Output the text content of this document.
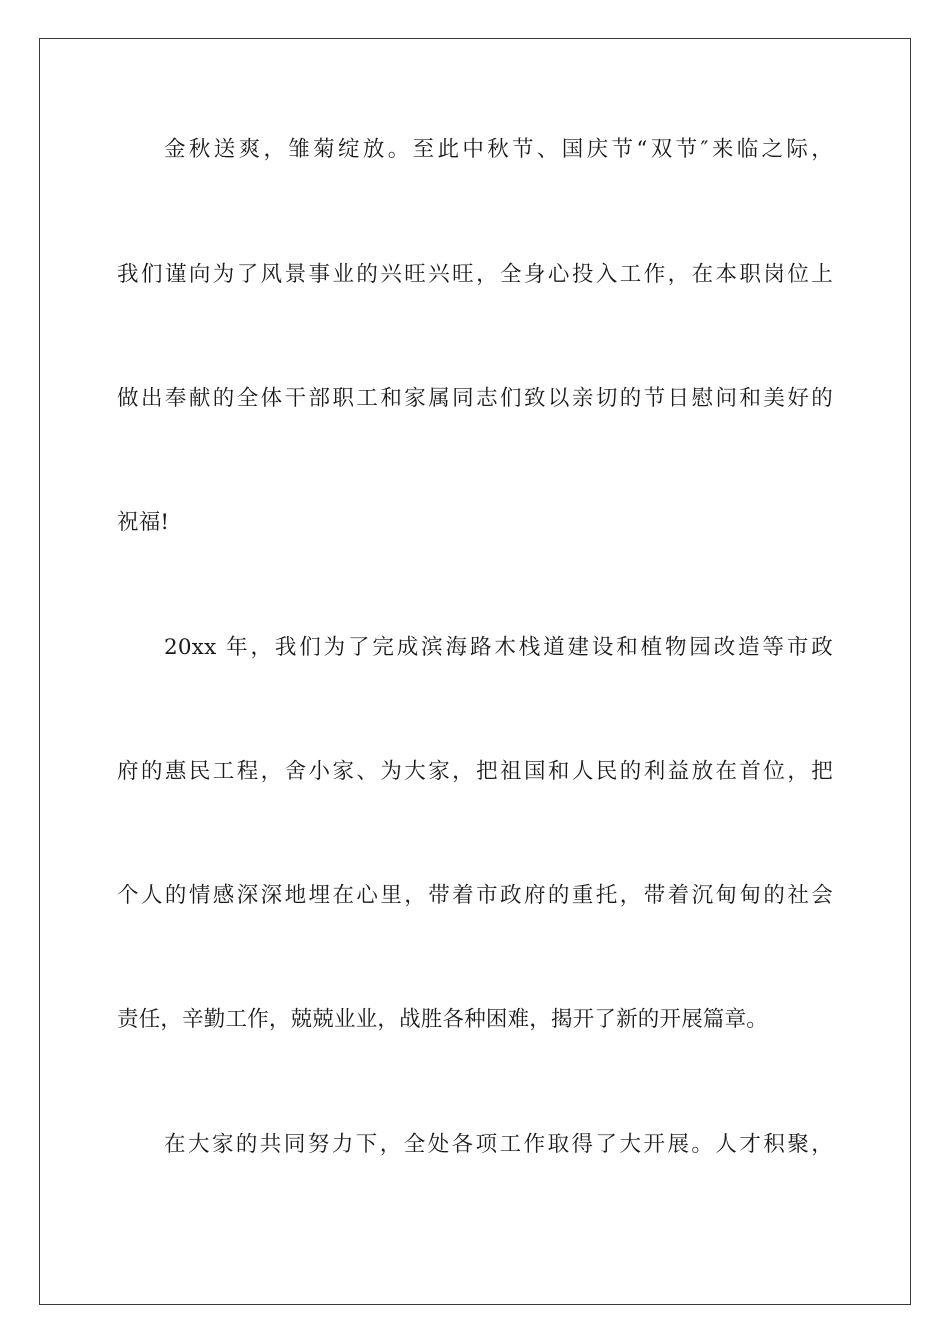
金秋送爽，雏菊绽放。至此中秋节、国庆节“双节″来临之际，
我们谨向为了风景事业的兴旺兴旺，全身心投入工作，在本职岗位上
做出奉献的全体干部职工和家属同志们致以亲切的节日慰问和美好的
祝福!
20xx 年，我们为了完成滨海路木栈道建设和植物园改造等市政
府的惠民工程，舍小家、为大家，把祖国和人民的利益放在首位，把
个人的情感深深地埋在心里，带着市政府的重托，带着沉甸甸的社会
责任，辛勤工作，兢兢业业，战胜各种困难，揭开了新的开展篇章。
在大家的共同努力下，全处各项工作取得了大开展。人才积聚，
